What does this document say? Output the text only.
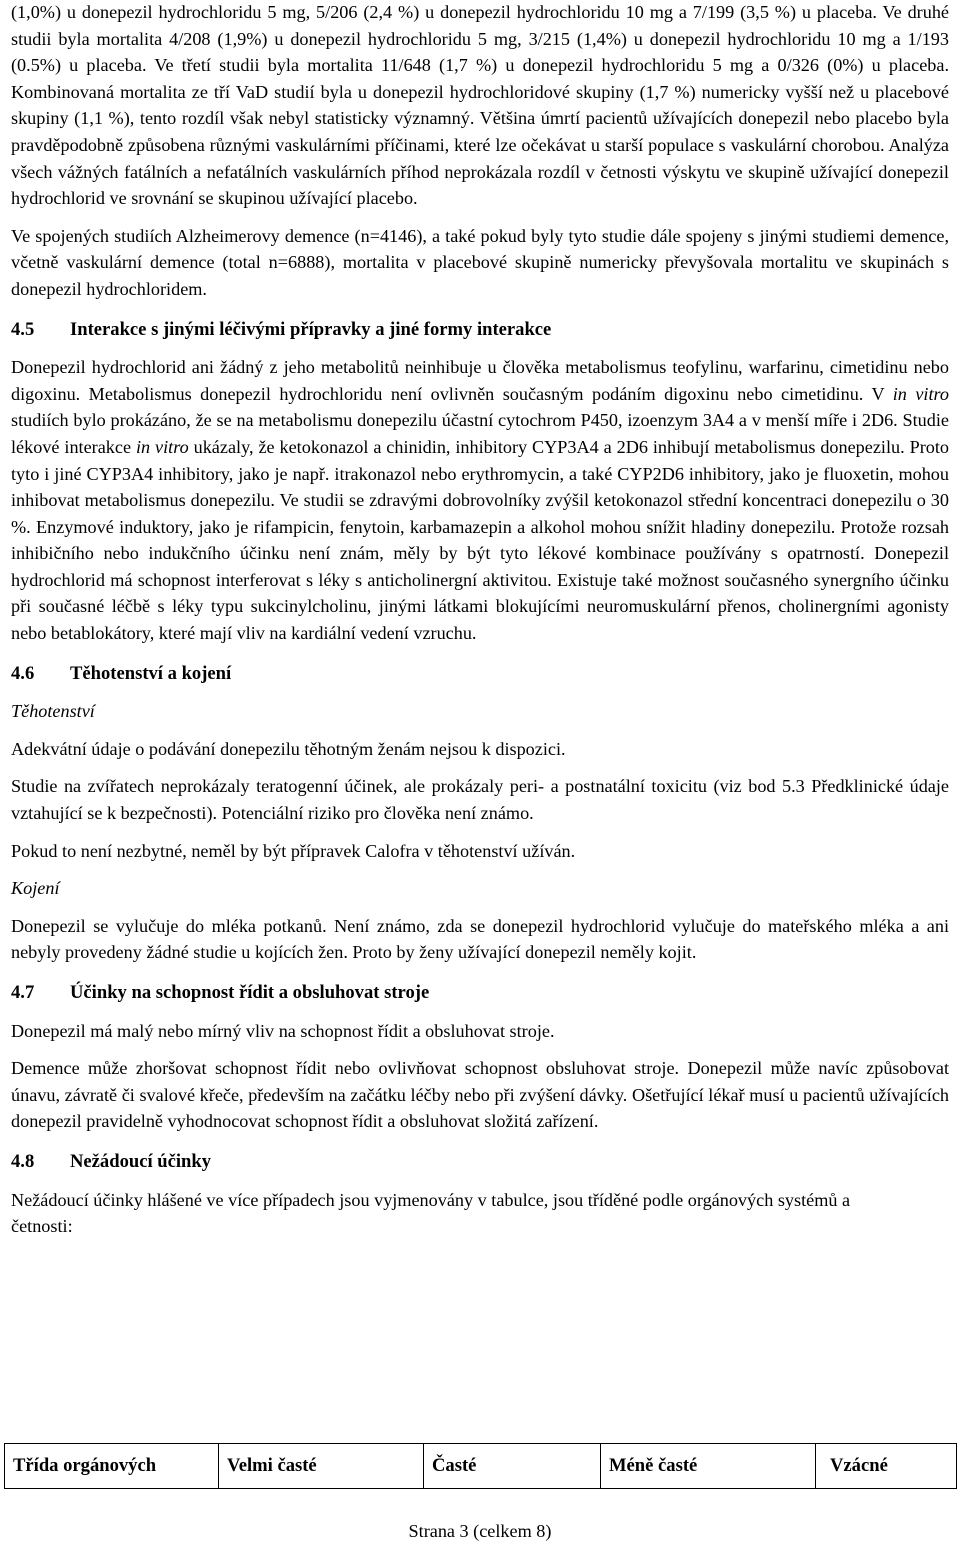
(1,0%) u donepezil hydrochloridu 5 mg, 5/206 (2,4 %) u donepezil hydrochloridu 10 mg a 7/199 (3,5 %) u placeba. Ve druhé studii byla mortalita 4/208 (1,9%) u donepezil hydrochloridu 5 mg, 3/215 (1,4%) u donepezil hydrochloridu 10 mg a 1/193 (0.5%) u placeba. Ve třetí studii byla mortalita 11/648 (1,7 %) u donepezil hydrochloridu 5 mg a 0/326 (0%) u placeba. Kombinovaná mortalita ze tří VaD studií byla u donepezil hydrochloridové skupiny (1,7 %) numericky vyšší než u placebové skupiny (1,1 %), tento rozdíl však nebyl statisticky významný. Většina úmrtí pacientů užívajících donepezil nebo placebo byla pravděpodobně způsobena různými vaskulárními příčinami, které lze očekávat u starší populace s vaskulární chorobou. Analýza všech vážných fatálních a nefatálních vaskulárních příhod neprokázala rozdíl v četnosti výskytu ve skupině užívající donepezil hydrochlorid ve srovnání se skupinou užívající placebo.

Ve spojených studiích Alzheimerovy demence (n=4146), a také pokud byly tyto studie dále spojeny s jinými studiemi demence, včetně vaskulární demence (total n=6888), mortalita v placebové skupině numericky převyšovala mortalitu ve skupinách s donepezil hydrochloridem.

4.5 Interakce s jinými léčivými přípravky a jiné formy interakce

Donepezil hydrochlorid ani žádný z jeho metabolitů neinhibuje u člověka metabolismus teofylinu, warfarinu, cimetidinu nebo digoxinu. Metabolismus donepezil hydrochloridu není ovlivněn současným podáním digoxinu nebo cimetidinu. V in vitro studiích bylo prokázáno, že se na metabolismu donepezilu účastní cytochrom P450, izoenzym 3A4 a v menší míře i 2D6. Studie lékové interakce in vitro ukázaly, že ketokonazol a chinidin, inhibitory CYP3A4 a 2D6 inhibují metabolismus donepezilu. Proto tyto i jiné CYP3A4 inhibitory, jako je např. itrakonazol nebo erythromycin, a také CYP2D6 inhibitory, jako je fluoxetin, mohou inhibovat metabolismus donepezilu. Ve studii se zdravými dobrovolníky zvýšil ketokonazol střední koncentraci donepezilu o 30 %. Enzymové induktory, jako je rifampicin, fenytoin, karbamazepin a alkohol mohou snížit hladiny donepezilu. Protože rozsah inhibičního nebo indukčního účinku není znám, měly by být tyto lékové kombinace používány s opatrností. Donepezil hydrochlorid má schopnost interferovat s léky s anticholinergní aktivitou. Existuje také možnost současného synergního účinku při současné léčbě s léky typu sukcinylcholinu, jinými látkami blokujícími neuromuskulární přenos, cholinergními agonisty nebo betablokátory, které mají vliv na kardiální vedení vzruchu.

4.6 Těhotenství a kojení
Těhotenství

Adekvátní údaje o podávání donepezilu těhotným ženám nejsou k dispozici.

Studie na zvířatech neprokázaly teratogenní účinek, ale prokázaly peri- a postnatální toxicitu (viz bod 5.3 Předklinické údaje vztahující se k bezpečnosti). Potenciální riziko pro člověka není známo.

Pokud to není nezbytné, neměl by být přípravek Calofra v těhotenství užíván.

Kojení

Donepezil se vylučuje do mléka potkanů. Není známo, zda se donepezil hydrochlorid vylučuje do mateřského mléka a ani nebyly provedeny žádné studie u kojících žen. Proto by ženy užívající donepezil neměly kojit.

4.7 Účinky na schopnost řídit a obsluhovat stroje

Donepezil má malý nebo mírný vliv na schopnost řídit a obsluhovat stroje.

Demence může zhoršovat schopnost řídit nebo ovlivňovat schopnost obsluhovat stroje. Donepezil může navíc způsobovat únavu, závratě či svalové křeče, především na začátku léčby nebo při zvýšení dávky. Ošetřující lékař musí u pacientů užívajících donepezil pravidelně vyhodnocovat schopnost řídit a obsluhovat složitá zařízení.

4.8 Nežádoucí účinky

Nežádoucí účinky hlášené ve více případech jsou vyjmenovány v tabulce, jsou tříděné podle orgánových systémů a četnosti:

Třída orgánových	Velmi časté	Časté	Méně časté	Vzácné
Strana 3 (celkem 8)
